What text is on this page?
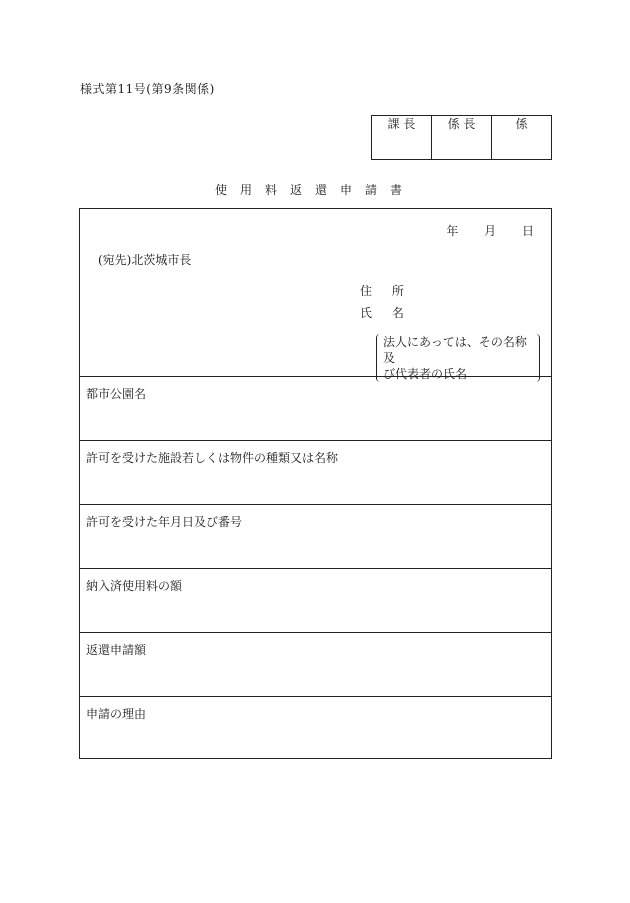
様式第11号(第9条関係)
課 長	係 長	係
使用料返還申請書
年 月 日
(宛先)北茨城市長
住 所
氏 名
法人にあっては、その名称及
び代表者の氏名
都市公園名
許可を受けた施設若しくは物件の種類又は名称
許可を受けた年月日及び番号
納入済使用料の額
返還申請額
申請の理由
